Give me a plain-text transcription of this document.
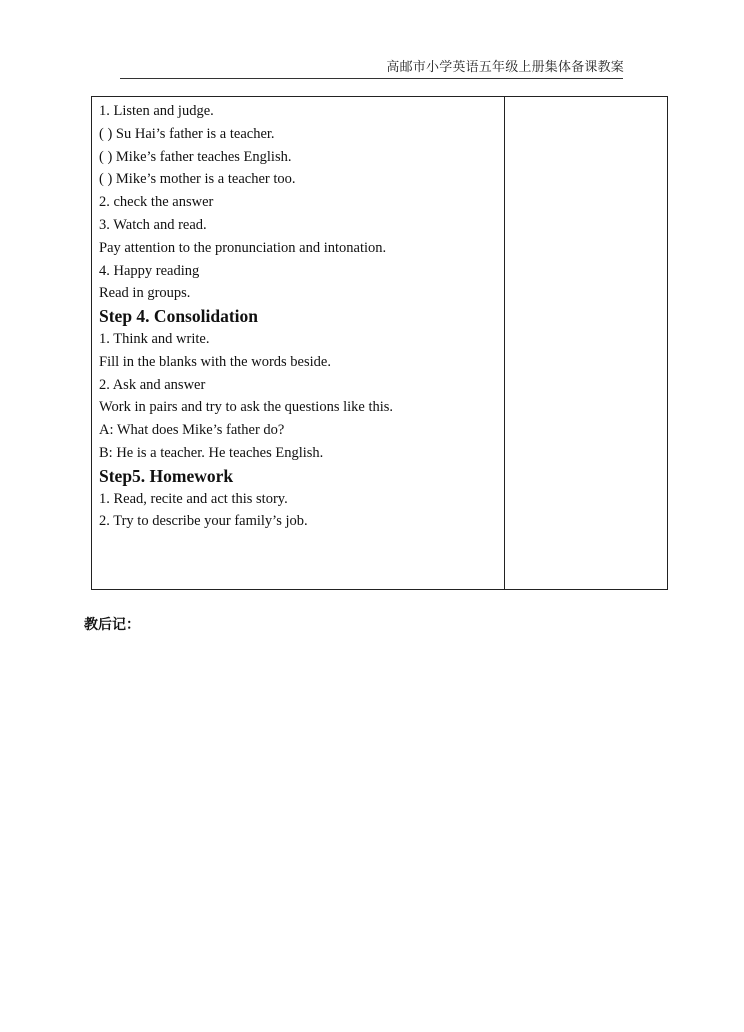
高邮市小学英语五年级上册集体备课教案
1. Listen and judge.
( ) Su Hai’s father is a teacher.
( ) Mike’s father teaches English.
( ) Mike’s mother is a teacher too.
2. check the answer
3. Watch and read.
Pay attention to the pronunciation and intonation.
4. Happy reading
Read in groups.
Step 4. Consolidation
1. Think and write.
Fill in the blanks with the words beside.
2. Ask and answer
Work in pairs and try to ask the questions like this.
A: What does Mike’s father do?
B: He is a teacher. He teaches English.
Step5. Homework
1. Read, recite and act this story.
2. Try to describe your family’s job.
教后记：
